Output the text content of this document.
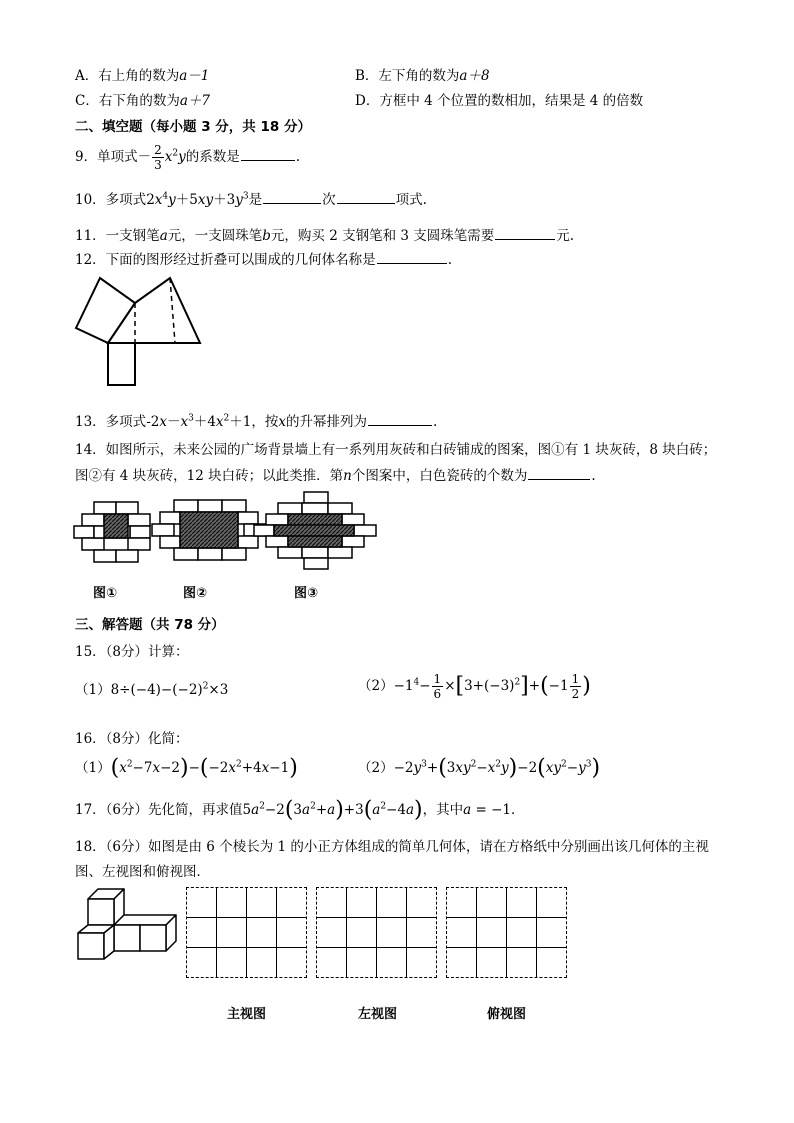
A．右上角的数为a－1	B．左下角的数为a＋8
C．右下角的数为a＋7	D．方框中 4 个位置的数相加，结果是 4 的倍数
二、填空题（每小题 3 分，共 18 分）
9．单项式－ $\frac{2}{3} x^2y$的系数是	.
10．多项式$2x^4y+5xy+3y^3$是	次	项式.
11．一支钢笔a元，一支圆珠笔b元，购买 2 支钢笔和 3 支圆珠笔需要	元.
12．下面的图形经过折叠可以围成的几何体名称是	.
13．多项式$-2x-x^3+4x^2+1$，按x的升幂排列为	.
14．如图所示，未来公园的广场背景墙上有一系列用灰砖和白砖铺成的图案，图①有 1 块灰砖，8 块白砖；
图②有 4 块灰砖，12 块白砖；以此类推．第n个图案中，白色瓷砖的个数为	.
图①	图②	图③
三、解答题（共 78 分）
15．（8分）计算：
$(1)8\div(-4)-(-2)^2\times 3$	$(2)-1^4- \frac{1}{6} \times[3+(-3)^2]+(-1 \frac{1}{2}$ )
16．（8分）化简：
$(1)(x^2-7x-2)-(-2x^2+4x-1)$	$(2)-2y^3+(3xy^2-x^2y)-2(xy^2-y^3)$
17．（6分）先化简，再求值$5a^2-2(3a^2+a)+3(a^2-4a)$，其中a = −1．
18．（6分）如图是由 6 个棱长为 1 的小正方体组成的简单几何体，请在方格纸中分别画出该几何体的主视
图、左视图和俯视图．
主视图	左视图	俯视图
